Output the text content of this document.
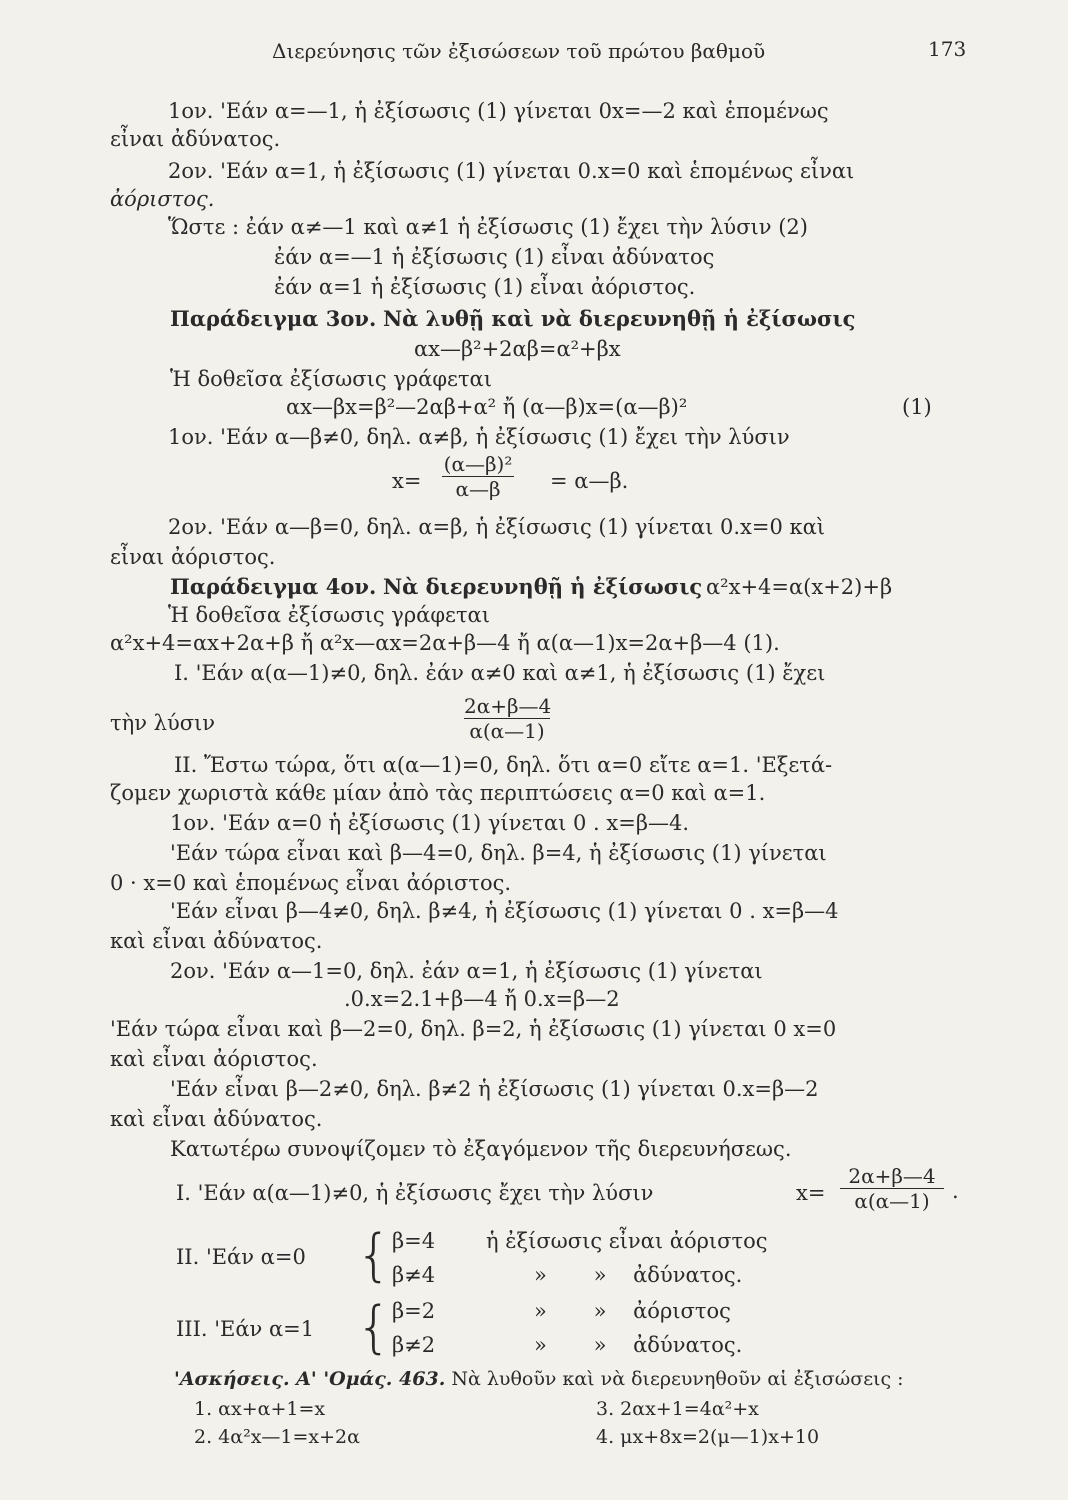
Διερεύνησις τῶν ἐξισώσεων τοῦ πρώτου βαθμοῦ	173
1ον. 'Εάν α=—1, ἡ ἐξίσωσις (1) γίνεται 0x=—2 καὶ ἑπομένως
εἶναι ἀδύνατος.
2ον. 'Εάν α=1, ἡ ἐξίσωσις (1) γίνεται 0.x=0 καὶ ἑπομένως εἶναι
ἀόριστος.
Ὥστε : ἐάν α≠—1 καὶ α≠1 ἡ ἐξίσωσις (1) ἔχει τὴν λύσιν (2)
ἐάν α=—1 ἡ ἐξίσωσις (1) εἶναι ἀδύνατος
ἐάν α=1 ἡ ἐξίσωσις (1) εἶναι ἀόριστος.
Παράδειγμα 3ον. Νὰ λυθῇ καὶ νὰ διερευνηθῇ ἡ ἐξίσωσις
αx—β²+2αβ=α²+βx
Ἡ δοθεῖσα ἐξίσωσις γράφεται
αx—βx=β²—2αβ+α² ἤ (α—β)x=(α—β)²	(1)
1ον. 'Εάν α—β≠0, δηλ. α≠β, ἡ ἐξίσωσις (1) ἔχει τὴν λύσιν
$x= \frac{\text{(α—β)²}}{\alpha—\beta}$ = α—β.
2ον. 'Εάν α—β=0, δηλ. α=β, ἡ ἐξίσωσις (1) γίνεται 0.x=0 καὶ
εἶναι ἀόριστος.
Παράδειγμα 4ον. Νὰ διερευνηθῇ ἡ ἐξίσωσις α²x+4=α(x+2)+β
Ἡ δοθεῖσα ἐξίσωσις γράφεται
α²x+4=αx+2α+β ἤ α²x—αx=2α+β—4 ἤ α(α—1)x=2α+β—4 (1).
I. 'Εάν α(α—1)≠0, δηλ. ἐάν α≠0 καὶ α≠1, ἡ ἐξίσωσις (1) ἔχει
τὴν λύσιν	$\frac{2\alpha+\beta—4}{\alpha(\alpha—1)}$
II. Ἔστω τώρα, ὅτι α(α—1)=0, δηλ. ὅτι α=0 εἴτε α=1. 'Εξετά-
ζομεν χωριστὰ κάθε μίαν ἀπὸ τὰς περιπτώσεις α=0 καὶ α=1.
1ον. 'Εάν α=0 ἡ ἐξίσωσις (1) γίνεται 0 . x=β—4.
'Εάν τώρα εἶναι καὶ β—4=0, δηλ. β=4, ἡ ἐξίσωσις (1) γίνεται
0 · x=0 καὶ ἑπομένως εἶναι ἀόριστος.
'Εάν εἶναι β—4≠0, δηλ. β≠4, ἡ ἐξίσωσις (1) γίνεται 0 . x=β—4
καὶ εἶναι ἀδύνατος.
2ον. 'Εάν α—1=0, δηλ. ἐάν α=1, ἡ ἐξίσωσις (1) γίνεται
.0.x=2.1+β—4 ἤ 0.x=β—2
'Εάν τώρα εἶναι καὶ β—2=0, δηλ. β=2, ἡ ἐξίσωσις (1) γίνεται 0 x=0
καὶ εἶναι ἀόριστος.
'Εάν εἶναι β—2≠0, δηλ. β≠2 ἡ ἐξίσωσις (1) γίνεται 0.x=β—2
καὶ εἶναι ἀδύνατος.
Κατωτέρω συνοψίζομεν τὸ ἐξαγόμενον τῆς διερευνήσεως.
I. 'Εάν α(α—1)≠0, ἡ ἐξίσωσις ἔχει τὴν λύσιν	$x= \frac{2\alpha+\beta—4}{\alpha(\alpha—1)}$ .
II. 'Εάν α=0 { β=4 ἡ ἐξίσωσις εἶναι ἀόριστος
β≠4	»       »    ἀδύνατος.
III. 'Εάν α=1 { β=2	»       »    ἀόριστος
β≠2	»       »    ἀδύνατος.
'Ασκήσεις. Α' 'Ομάς. 463. Νὰ λυθοῦν καὶ νὰ διερευνηθοῦν αἱ ἐξισώσεις :
1. αx+α+1=x	3. 2αx+1=4α²+x
2. 4α²x—1=x+2α	4. μx+8x=2(μ—1)x+10
